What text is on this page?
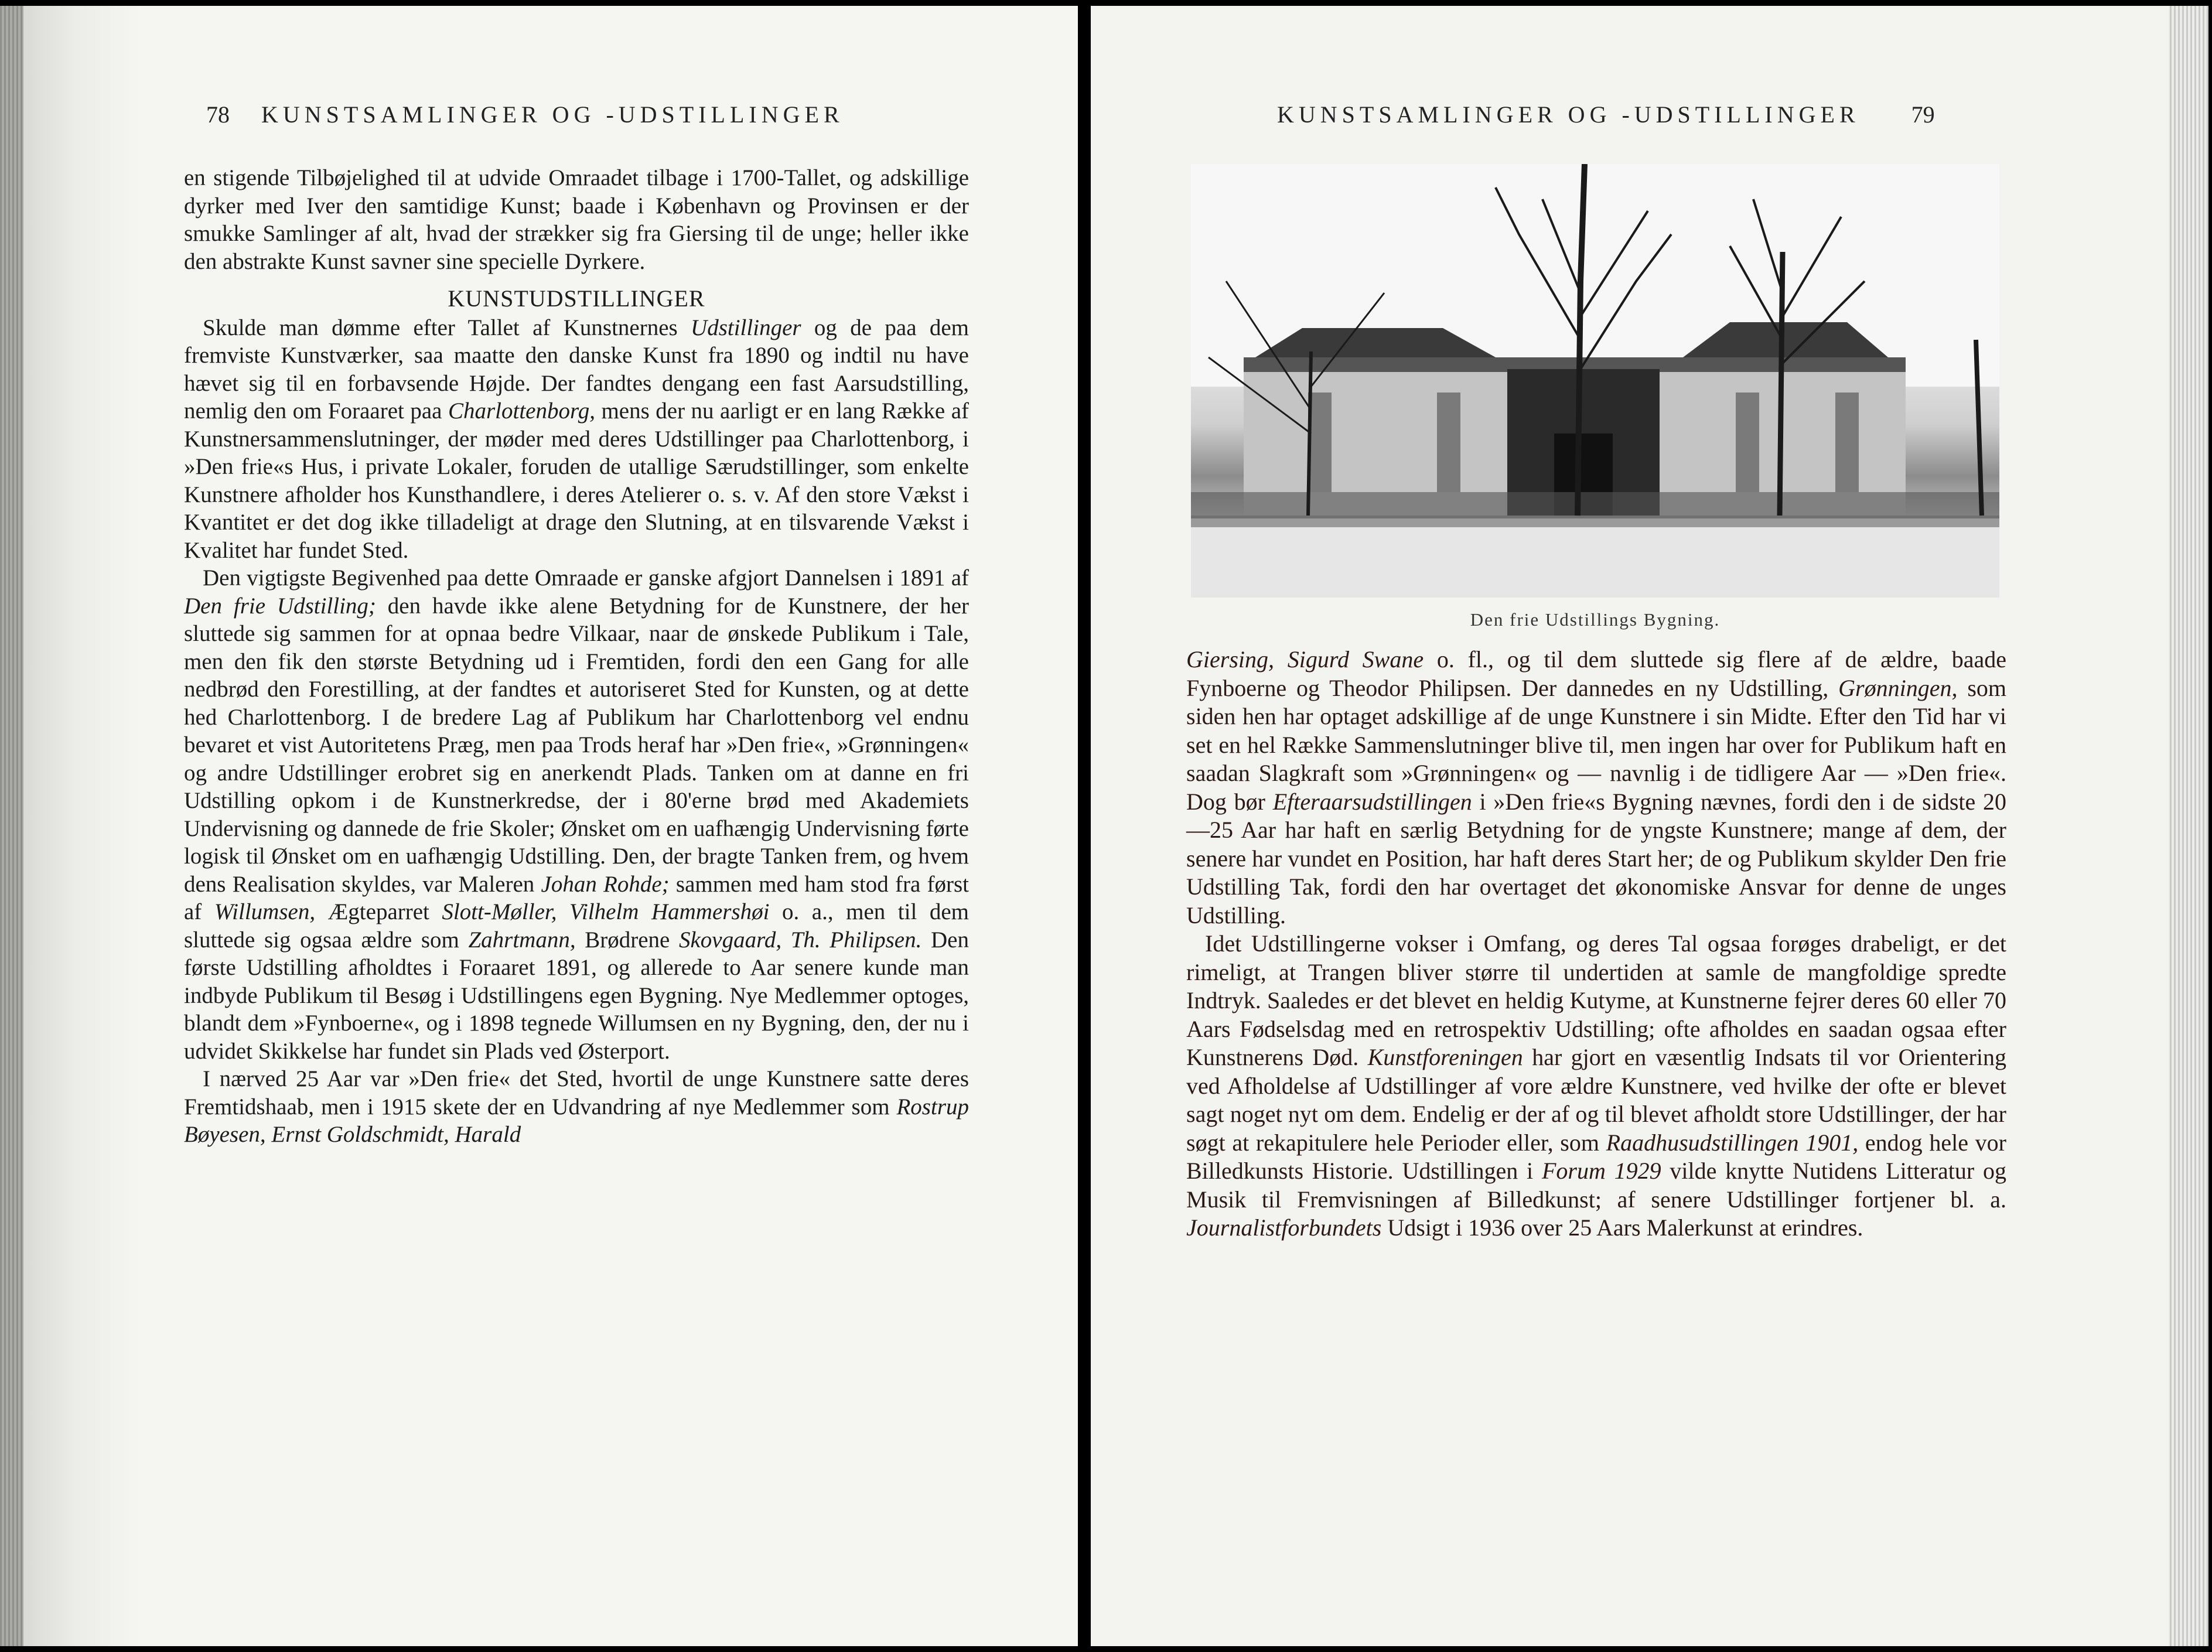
78 KUNSTSAMLINGER OG -UDSTILLINGER

en stigende Tilbøjelighed til at udvide Omraadet tilbage i 1700-Tallet, og adskillige dyrker med Iver den samtidige Kunst; baade i København og Provinsen er der smukke Samlinger af alt, hvad der strækker sig fra Giersing til de unge; heller ikke den abstrakte Kunst savner sine specielle Dyrkere.

KUNSTUDSTILLINGER

Skulde man dømme efter Tallet af Kunstnernes Udstillinger og de paa dem fremviste Kunstværker, saa maatte den danske Kunst fra 1890 og indtil nu have hævet sig til en forbavsende Højde. Der fandtes dengang een fast Aarsudstilling, nemlig den om Foraaret paa Charlottenborg, mens der nu aarligt er en lang Række af Kunstnersammenslutninger, der møder med deres Udstillinger paa Charlottenborg, i »Den frie«s Hus, i private Lokaler, foruden de utallige Særudstillinger, som enkelte Kunstnere afholder hos Kunsthandlere, i deres Atelierer o. s. v. Af den store Vækst i Kvantitet er det dog ikke tilladeligt at drage den Slutning, at en tilsvarende Vækst i Kvalitet har fundet Sted.

Den vigtigste Begivenhed paa dette Omraade er ganske afgjort Dannelsen i 1891 af Den frie Udstilling; den havde ikke alene Betydning for de Kunstnere, der her sluttede sig sammen for at opnaa bedre Vilkaar, naar de ønskede Publikum i Tale, men den fik den største Betydning ud i Fremtiden, fordi den een Gang for alle nedbrød den Forestilling, at der fandtes et autoriseret Sted for Kunsten, og at dette hed Charlottenborg. I de bredere Lag af Publikum har Charlottenborg vel endnu bevaret et vist Autoritetens Præg, men paa Trods heraf har »Den frie«, »Grønningen« og andre Udstillinger erobret sig en anerkendt Plads. Tanken om at danne en fri Udstilling opkom i de Kunstnerkredse, der i 80'erne brød med Akademiets Undervisning og dannede de frie Skoler; Ønsket om en uafhængig Undervisning førte logisk til Ønsket om en uafhængig Udstilling. Den, der bragte Tanken frem, og hvem dens Realisation skyldes, var Maleren Johan Rohde; sammen med ham stod fra først af Willumsen, Ægteparret Slott-Møller, Vilhelm Hammershøi o. a., men til dem sluttede sig ogsaa ældre som Zahrtmann, Brødrene Skovgaard, Th. Philipsen. Den første Udstilling afholdtes i Foraaret 1891, og allerede to Aar senere kunde man indbyde Publikum til Besøg i Udstillingens egen Bygning. Nye Medlemmer optoges, blandt dem »Fynboerne«, og i 1898 tegnede Willumsen en ny Bygning, den, der nu i udvidet Skikkelse har fundet sin Plads ved Østerport.

I nærved 25 Aar var »Den frie« det Sted, hvortil de unge Kunstnere satte deres Fremtidshaab, men i 1915 skete der en Udvandring af nye Medlemmer som Rostrup Bøyesen, Ernst Goldschmidt, Harald

KUNSTSAMLINGER OG -UDSTILLINGER 79
Den frie Udstillings Bygning.

Giersing, Sigurd Swane o. fl., og til dem sluttede sig flere af de ældre, baade Fynboerne og Theodor Philipsen. Der dannedes en ny Udstilling, Grønningen, som siden hen har optaget adskillige af de unge Kunstnere i sin Midte. Efter den Tid har vi set en hel Række Sammenslutninger blive til, men ingen har over for Publikum haft en saadan Slagkraft som »Grønningen« og — navnlig i de tidligere Aar — »Den frie«. Dog bør Efteraarsudstillingen i »Den frie«s Bygning nævnes, fordi den i de sidste 20—25 Aar har haft en særlig Betydning for de yngste Kunstnere; mange af dem, der senere har vundet en Position, har haft deres Start her; de og Publikum skylder Den frie Udstilling Tak, fordi den har overtaget det økonomiske Ansvar for denne de unges Udstilling.

Idet Udstillingerne vokser i Omfang, og deres Tal ogsaa forøges drabeligt, er det rimeligt, at Trangen bliver større til undertiden at samle de mangfoldige spredte Indtryk. Saaledes er det blevet en heldig Kutyme, at Kunstnerne fejrer deres 60 eller 70 Aars Fødselsdag med en retrospektiv Udstilling; ofte afholdes en saadan ogsaa efter Kunstnerens Død. Kunstforeningen har gjort en væsentlig Indsats til vor Orientering ved Afholdelse af Udstillinger af vore ældre Kunstnere, ved hvilke der ofte er blevet sagt noget nyt om dem. Endelig er der af og til blevet afholdt store Udstillinger, der har søgt at rekapitulere hele Perioder eller, som Raadhusudstillingen 1901, endog hele vor Billedkunsts Historie. Udstillingen i Forum 1929 vilde knytte Nutidens Litteratur og Musik til Fremvisningen af Billedkunst; af senere Udstillinger fortjener bl. a. Journalistforbundets Udsigt i 1936 over 25 Aars Malerkunst at erindres.
